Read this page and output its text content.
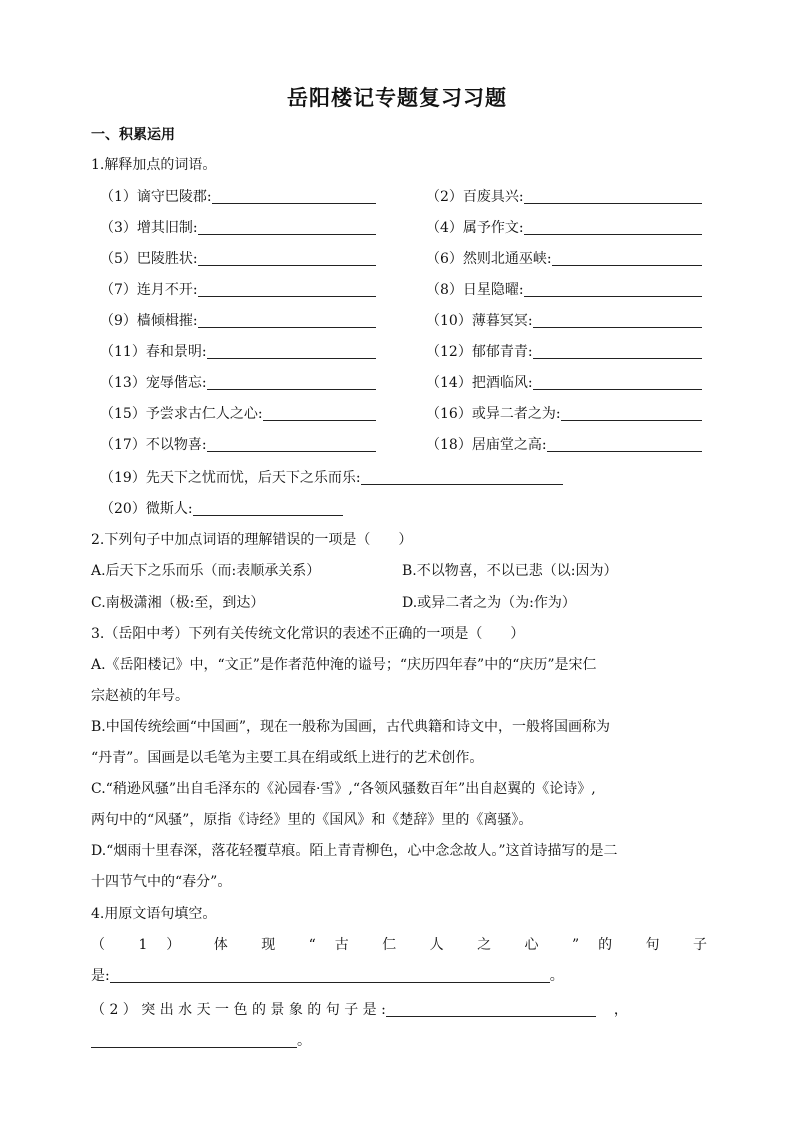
岳阳楼记专题复习习题
一、积累运用
1.解释加点的词语。
（1）谪守巴陵郡:	（2）百废具兴:
（3）增其旧制:	（4）属予作文:
（5）巴陵胜状:	（6）然则北通巫峡:
（7）连月不开:	（8）日星隐曜:
（9）樯倾楫摧:	（10）薄暮冥冥:
（11）春和景明:	（12）郁郁青青:
（13）宠辱偕忘:	（14）把酒临风:
（15）予尝求古仁人之心:	（16）或异二者之为:
（17）不以物喜:	（18）居庙堂之高:
（19）先天下之忧而忧，后天下之乐而乐:
（20）微斯人:
2.下列句子中加点词语的理解错误的一项是（　　）
A.后天下之乐而乐（而:表顺承关系）	B.不以物喜，不以已悲（以:因为）
C.南极潇湘（极:至，到达）	D.或异二者之为（为:作为）
3.（岳阳中考）下列有关传统文化常识的表述不正确的一项是（　　）
A.《岳阳楼记》中，“文正”是作者范仲淹的谥号；“庆历四年春”中的“庆历”是宋仁
宗赵祯的年号。
B.中国传统绘画“中国画”，现在一般称为国画，古代典籍和诗文中，一般将国画称为
“丹青”。国画是以毛笔为主要工具在绢或纸上进行的艺术创作。
C.“稍逊风骚”出自毛泽东的《沁园春·雪》,“各领风骚数百年”出自赵翼的《论诗》,
两句中的“风骚”，原指《诗经》里的《国风》和《楚辞》里的《离骚》。
D.“烟雨十里春深，落花轻覆草痕。陌上青青柳色，心中念念故人。”这首诗描写的是二
十四节气中的“春分”。
4.用原文语句填空。
（ 1 ） 体 现 “ 古 仁 人 之 心 ” 的 句 子
是:	。
（ 2 ） 突 出 水 天 一 色 的 景 象 的 句 子 是 :	，
。
